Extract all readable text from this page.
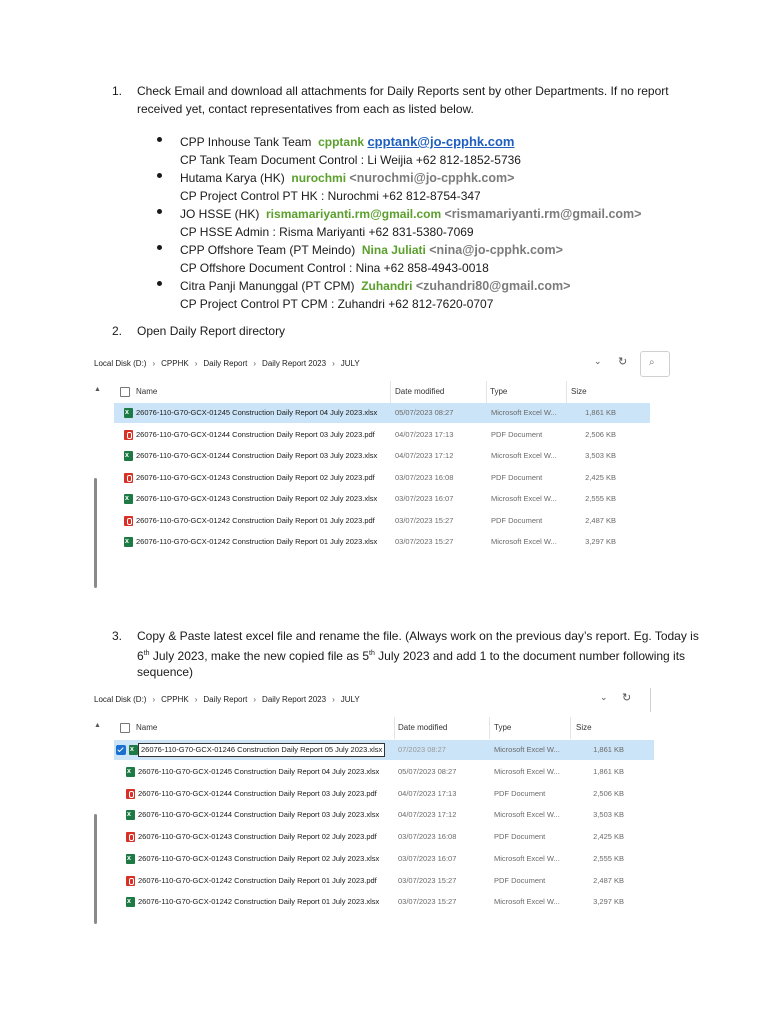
1. Check Email and download all attachments for Daily Reports sent by other Departments. If no report
received yet, contact representatives from each as listed below.
CPP Inhouse Tank Team cpptank cpptank@jo-cpphk.com
CP Tank Team Document Control : Li Weijia +62 812-1852-5736
Hutama Karya (HK) nurochmi <nurochmi@jo-cpphk.com>
CP Project Control PT HK : Nurochmi +62 812-8754-347
JO HSSE (HK) rismamariyanti.rm@gmail.com <rismamariyanti.rm@gmail.com>
CP HSSE Admin : Risma Mariyanti +62 831-5380-7069
CPP Offshore Team (PT Meindo) Nina Juliati <nina@jo-cpphk.com>
CP Offshore Document Control : Nina +62 858-4943-0018
Citra Panji Manunggal (PT CPM) Zuhandri <zuhandri80@gmail.com>
CP Project Control PT CPM : Zuhandri +62 812-7620-0707
2. Open Daily Report directory
Local Disk (D:) › CPPHK › Daily Report › Daily Report 2023 › JULY	⌄ ↻ ⌕
▲	Name	Date modified	Type	Size
x26076-110-G70-GCX-01245 Construction Daily Report 04 July 2023.xlsx 05/07/2023 08:27	Microsoft Excel W...	1,861 KB
26076-110-G70-GCX-01244 Construction Daily Report 03 July 2023.pdf	04/07/2023 17:13	PDF Document	2,506 KB
x26076-110-G70-GCX-01244 Construction Daily Report 03 July 2023.xlsx 04/07/2023 17:12	Microsoft Excel W...	3,503 KB
26076-110-G70-GCX-01243 Construction Daily Report 02 July 2023.pdf	03/07/2023 16:08	PDF Document	2,425 KB
x26076-110-G70-GCX-01243 Construction Daily Report 02 July 2023.xlsx 03/07/2023 16:07	Microsoft Excel W...	2,555 KB
26076-110-G70-GCX-01242 Construction Daily Report 01 July 2023.pdf	03/07/2023 15:27	PDF Document	2,487 KB
x26076-110-G70-GCX-01242 Construction Daily Report 01 July 2023.xlsx 03/07/2023 15:27	Microsoft Excel W...	3,297 KB
3. Copy & Paste latest excel file and rename the file. (Always work on the previous day’s report. Eg. Today is
6th July 2023, make the new copied file as 5th July 2023 and add 1 to the document number following its
sequence)
Local Disk (D:) › CPPHK › Daily Report › Daily Report 2023 › JULY	⌄ ↻
▲	Name	Date modified	Type	Size
x
26076-110-G70-GCX-01246 Construction Daily Report 05 July 2023.xlsx	07/2023 08:27	Microsoft Excel W...	1,861 KB
x26076-110-G70-GCX-01245 Construction Daily Report 04 July 2023.xlsx	05/07/2023 08:27	Microsoft Excel W...	1,861 KB
26076-110-G70-GCX-01244 Construction Daily Report 03 July 2023.pdf	04/07/2023 17:13	PDF Document	2,506 KB
x26076-110-G70-GCX-01244 Construction Daily Report 03 July 2023.xlsx	04/07/2023 17:12	Microsoft Excel W...	3,503 KB
26076-110-G70-GCX-01243 Construction Daily Report 02 July 2023.pdf	03/07/2023 16:08	PDF Document	2,425 KB
x26076-110-G70-GCX-01243 Construction Daily Report 02 July 2023.xlsx	03/07/2023 16:07	Microsoft Excel W...	2,555 KB
26076-110-G70-GCX-01242 Construction Daily Report 01 July 2023.pdf	03/07/2023 15:27	PDF Document	2,487 KB
x26076-110-G70-GCX-01242 Construction Daily Report 01 July 2023.xlsx	03/07/2023 15:27	Microsoft Excel W...	3,297 KB
